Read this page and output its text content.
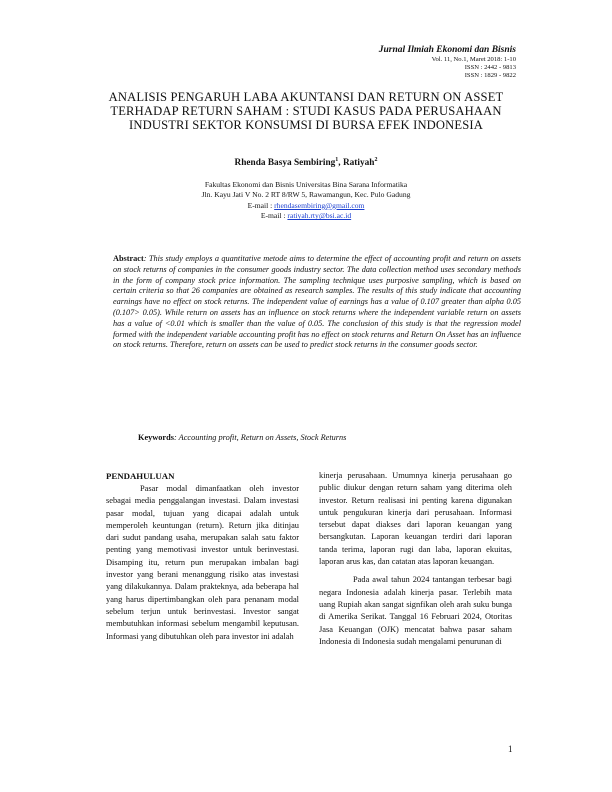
Jurnal Ilmiah Ekonomi dan Bisnis
Vol. 11, No.1, Maret 2018: 1-10
ISSN : 2442 - 9813
ISSN : 1829 - 9822
ANALISIS PENGARUH LABA AKUNTANSI DAN RETURN ON ASSET TERHADAP RETURN SAHAM : STUDI KASUS PADA PERUSAHAAN INDUSTRI SEKTOR KONSUMSI DI BURSA EFEK INDONESIA
Rhenda Basya Sembiring$^1$, Ratiyah$^2$
Fakultas Ekonomi dan Bisnis Universitas Bina Sarana Informatika
Jln. Kayu Jati V No. 2 RT 8/RW 5, Rawamangun, Kec. Pulo Gadung
E-mail : rhendasembiring@gmail.com
E-mail : ratiyah.rty@bsi.ac.id
Abstract: This study employs a quantitative metode aims to determine the effect of accounting profit and return on assets on stock returns of companies in the consumer goods industry sector. The data collection method uses secondary methods in the form of company stock price information. The sampling technique uses purposive sampling, which is based on certain criteria so that 26 companies are obtained as research samples. The results of this study indicate that accounting earnings have no effect on stock returns. The independent value of earnings has a value of 0.107 greater than alpha 0.05 (0.107> 0.05). While return on assets has an influence on stock returns where the independent variable return on assets has a value of <0.01 which is smaller than the value of 0.05. The conclusion of this study is that the regression model formed with the independent variable accounting profit has no effect on stock returns and Return On Asset has an influence on stock returns. Therefore, return on assets can be used to predict stock returns in the consumer goods sector.
Keywords: Accounting profit, Return on Assets, Stock Returns
PENDAHULUAN

Pasar modal dimanfaatkan oleh investor sebagai media penggalangan investasi. Dalam investasi pasar modal, tujuan yang dicapai adalah untuk memperoleh keuntungan (return). Return jika ditinjau dari sudut pandang usaha, merupakan salah satu faktor penting yang memotivasi investor untuk berinvestasi. Disamping itu, return pun merupakan imbalan bagi investor yang berani menanggung risiko atas investasi yang dilakukannya. Dalam prakteknya, ada beberapa hal yang harus dipertimbangkan oleh para penanam modal sebelum terjun untuk berinvestasi. Investor sangat membutuhkan informasi sebelum mengambil keputusan. Informasi yang dibutuhkan oleh para investor ini adalah

kinerja perusahaan. Umumnya kinerja perusahaan go public diukur dengan return saham yang diterima oleh investor. Return realisasi ini penting karena digunakan untuk pengukuran kinerja dari perusahaan. Informasi tersebut dapat diakses dari laporan keuangan yang bersangkutan. Laporan keuangan terdiri dari laporan tanda terima, laporan rugi dan laba, laporan ekuitas, laporan arus kas, dan catatan atas laporan keuangan.

Pada awal tahun 2024 tantangan terbesar bagi negara Indonesia adalah kinerja pasar. Terlebih mata uang Rupiah akan sangat signfikan oleh arah suku bunga di Amerika Serikat. Tanggal 16 Februari 2024, Otoritas Jasa Keuangan (OJK) mencatat bahwa pasar saham Indonesia di Indonesia sudah mengalami penurunan di

1
